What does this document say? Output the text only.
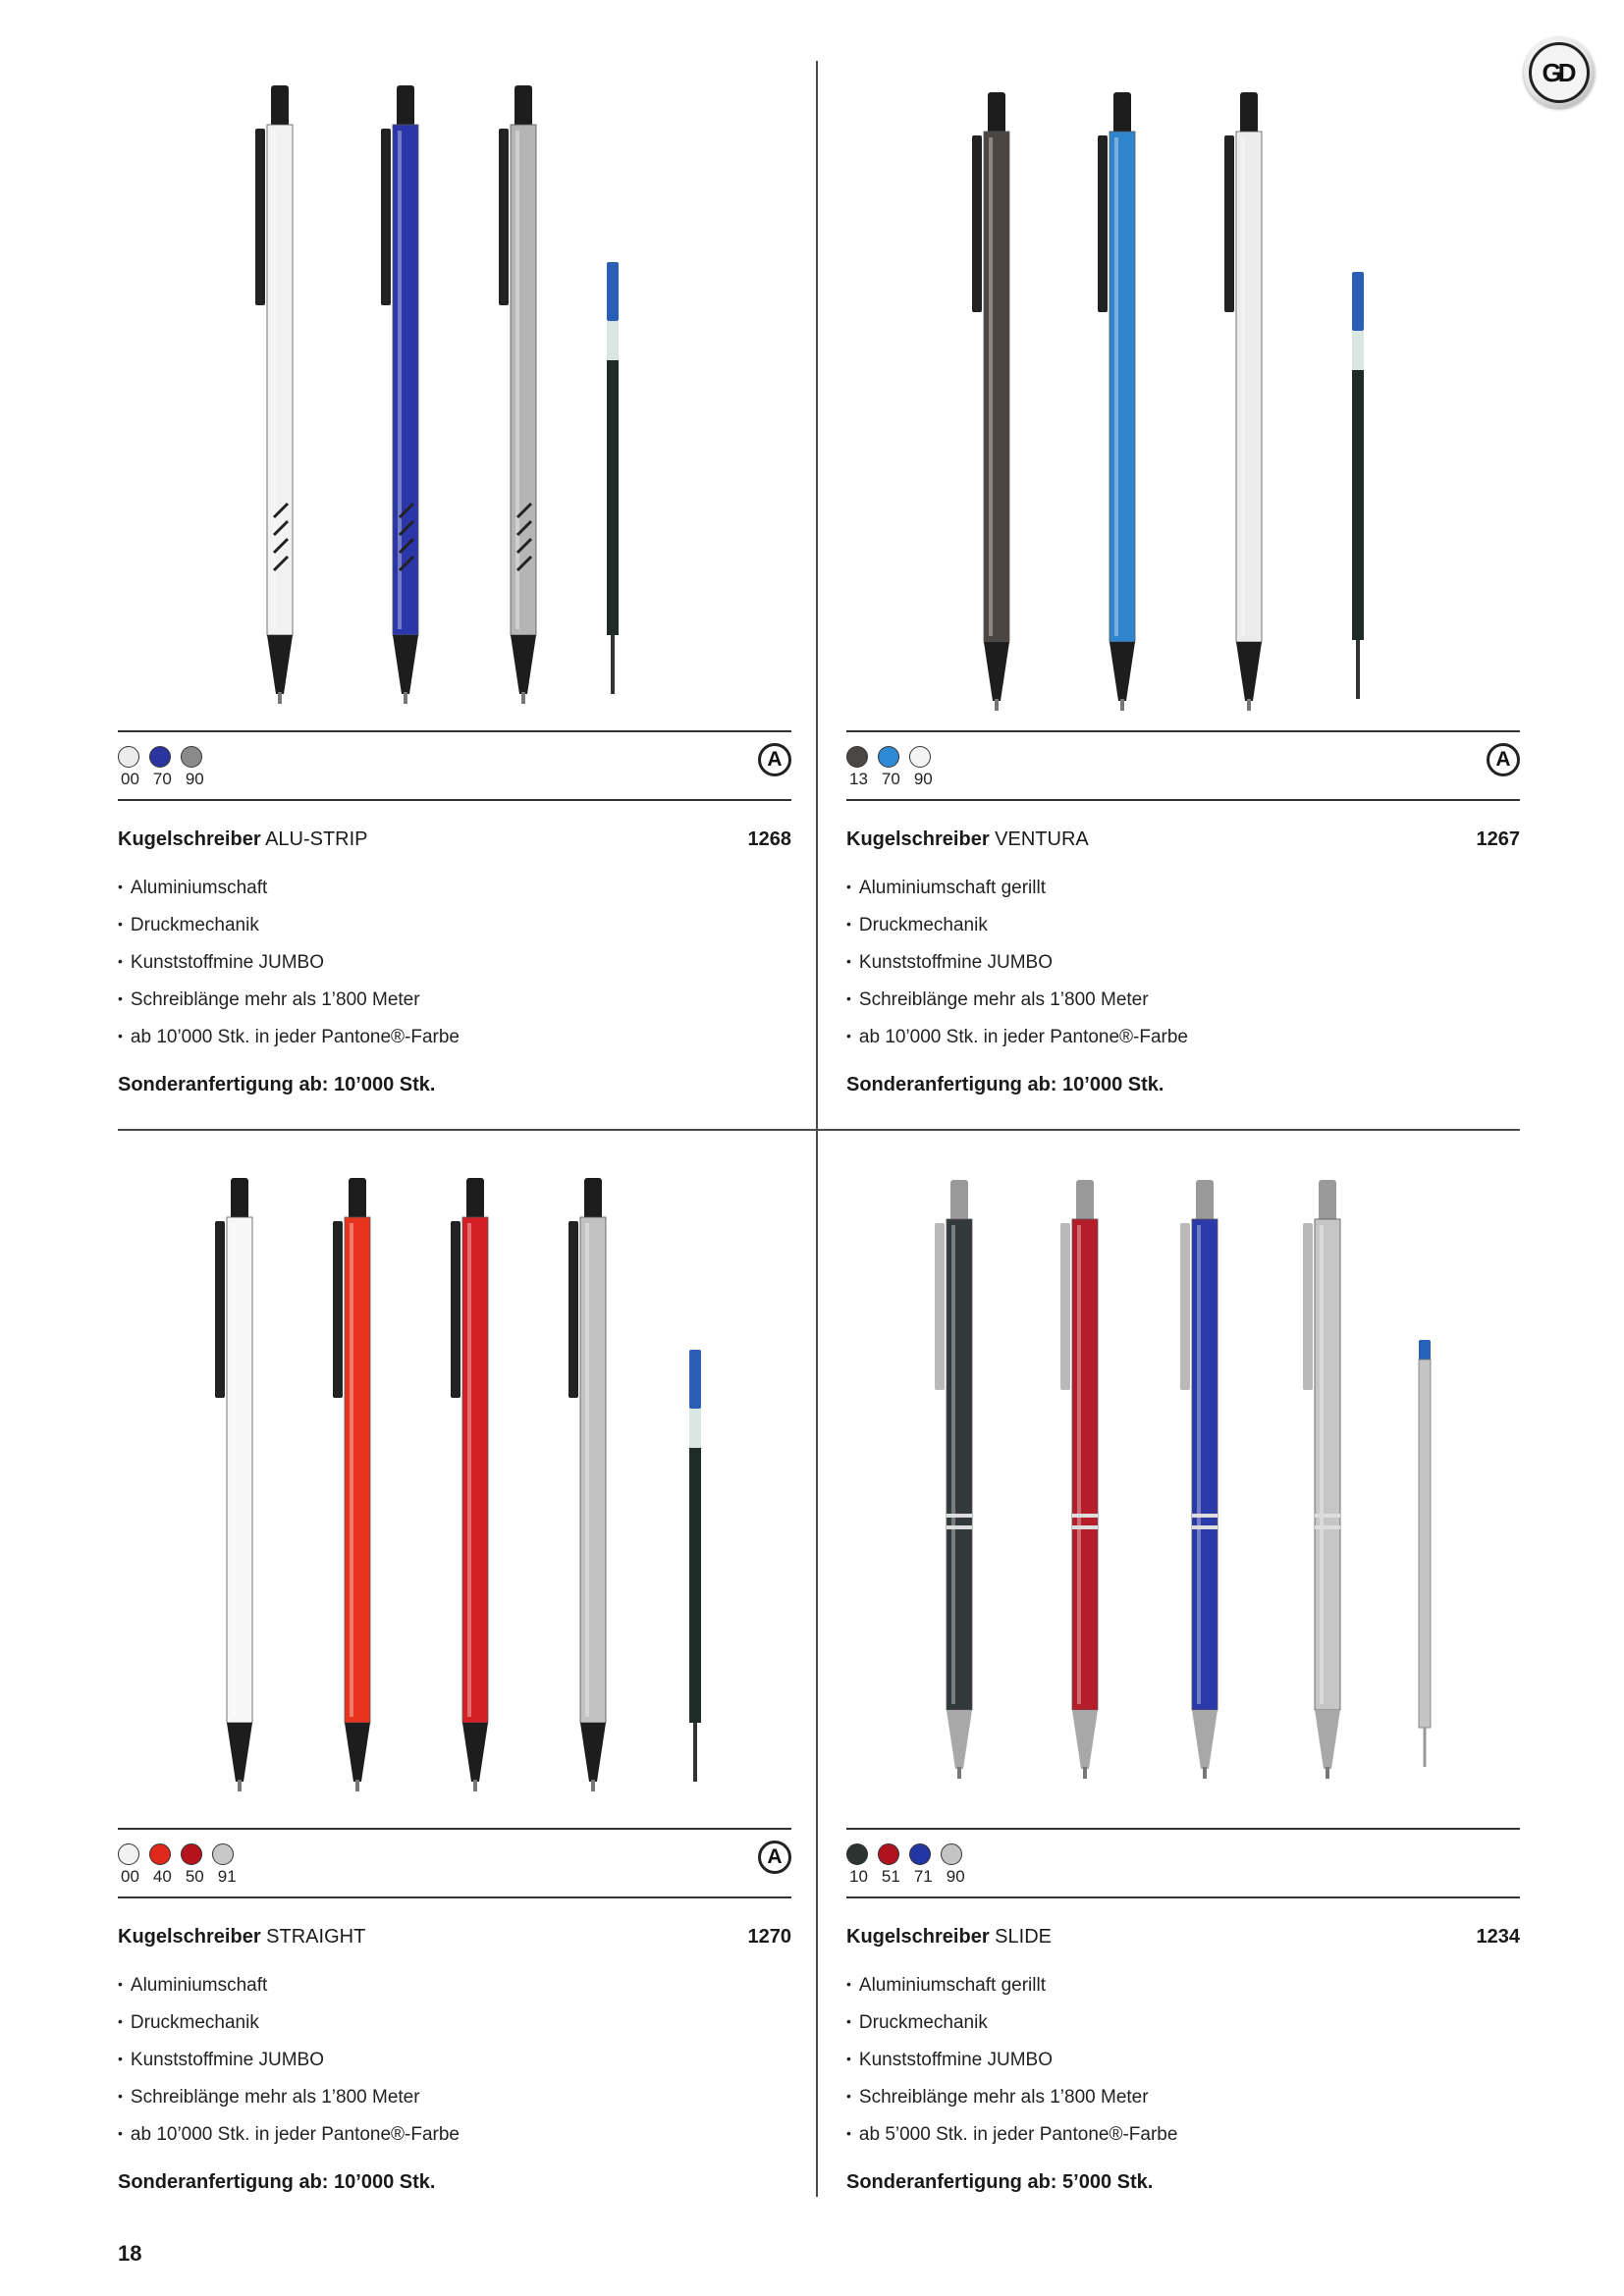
G D
00 70 90
A
Kugelschreiber ALU-STRIP	1268
• Aluminiumschaft
• Druckmechanik
• Kunststoffmine JUMBO
• Schreiblänge mehr als 1’800 Meter
• ab 10’000 Stk. in jeder Pantone®-Farbe
Sonderanfertigung ab: 10’000 Stk.
13 70 90
A
Kugelschreiber VENTURA	1267
• Aluminiumschaft gerillt
• Druckmechanik
• Kunststoffmine JUMBO
• Schreiblänge mehr als 1’800 Meter
• ab 10’000 Stk. in jeder Pantone®-Farbe
Sonderanfertigung ab: 10’000 Stk.
00 40 50 91
A
Kugelschreiber STRAIGHT	1270
• Aluminiumschaft
• Druckmechanik
• Kunststoffmine JUMBO
• Schreiblänge mehr als 1’800 Meter
• ab 10’000 Stk. in jeder Pantone®-Farbe
Sonderanfertigung ab: 10’000 Stk.
10 51 71 90
Kugelschreiber SLIDE	1234
• Aluminiumschaft gerillt
• Druckmechanik
• Kunststoffmine JUMBO
• Schreiblänge mehr als 1’800 Meter
• ab 5’000 Stk. in jeder Pantone®-Farbe
Sonderanfertigung ab: 5’000 Stk.
18
